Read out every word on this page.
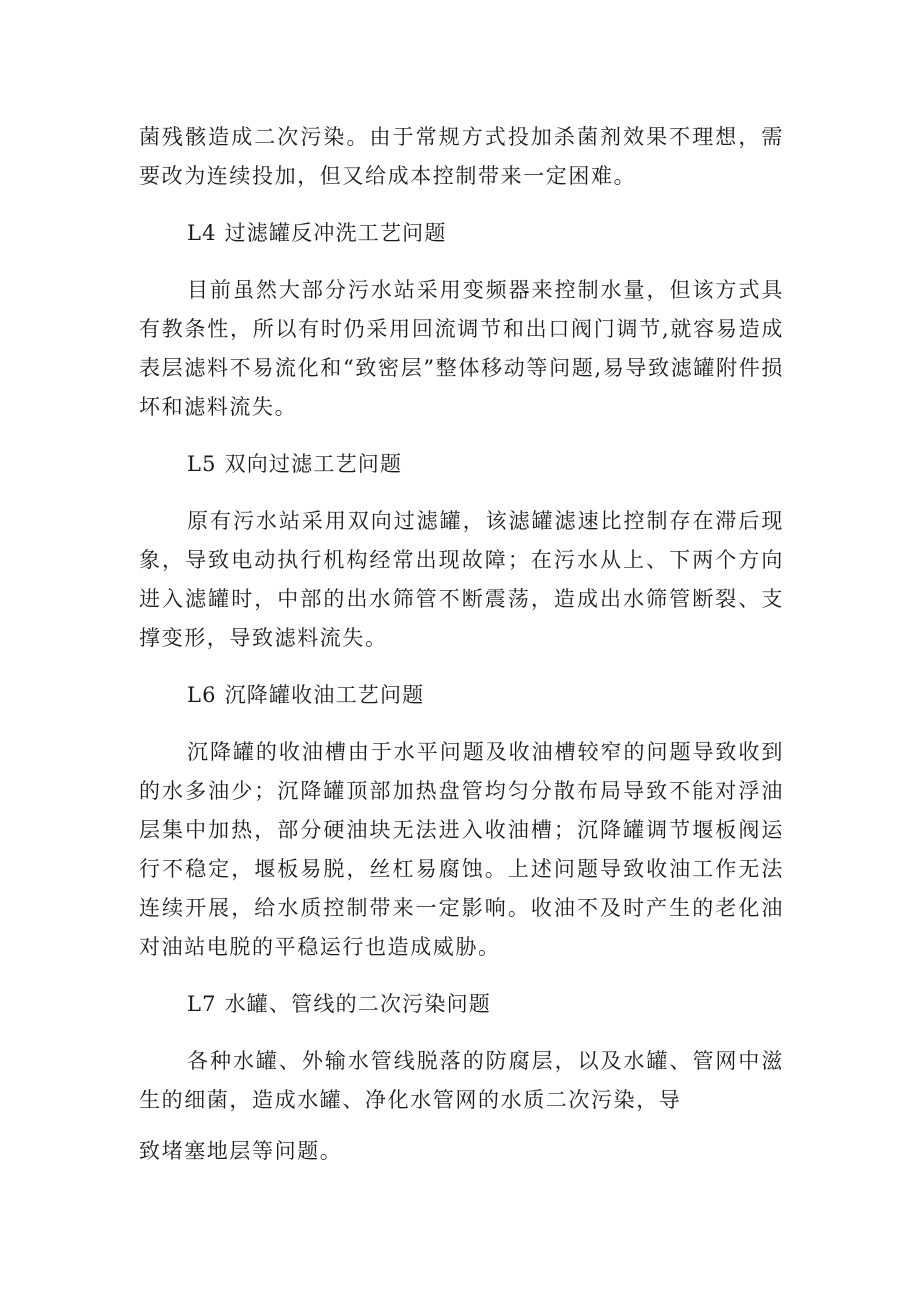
菌残骸造成二次污染。由于常规方式投加杀菌剂效果不理想，需要改为连续投加，但又给成本控制带来一定困难。

L4 过滤罐反冲洗工艺问题

目前虽然大部分污水站采用变频器来控制水量，但该方式具有教条性，所以有时仍采用回流调节和出口阀门调节,就容易造成表层滤料不易流化和“致密层”整体移动等问题,易导致滤罐附件损坏和滤料流失。

L5 双向过滤工艺问题

原有污水站采用双向过滤罐，该滤罐滤速比控制存在滞后现象，导致电动执行机构经常出现故障；在污水从上、下两个方向进入滤罐时，中部的出水筛管不断震荡，造成出水筛管断裂、支撑变形，导致滤料流失。

L6 沉降罐收油工艺问题

沉降罐的收油槽由于水平问题及收油槽较窄的问题导致收到的水多油少；沉降罐顶部加热盘管均匀分散布局导致不能对浮油层集中加热，部分硬油块无法进入收油槽；沉降罐调节堰板阀运行不稳定，堰板易脱，丝杠易腐蚀。上述问题导致收油工作无法连续开展，给水质控制带来一定影响。收油不及时产生的老化油对油站电脱的平稳运行也造成威胁。

L7 水罐、管线的二次污染问题

各种水罐、外输水管线脱落的防腐层，以及水罐、管网中滋生的细菌，造成水罐、净化水管网的水质二次污染，导

致堵塞地层等问题。
